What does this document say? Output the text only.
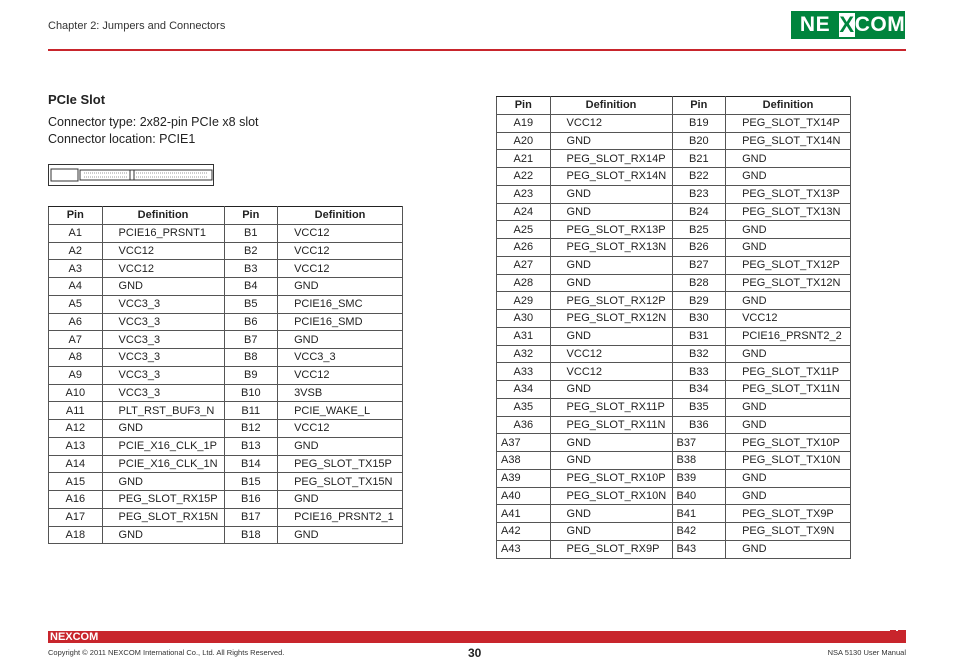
Chapter 2: Jumpers and Connectors	NE X COM
PCIe Slot
Connector type: 2x82-pin PCIe x8 slot
Connector location: PCIE1
Pin	Definition	Pin	Definition
A1	PCIE16_PRSNT1	B1	VCC12
A2	VCC12	B2	VCC12
A3	VCC12	B3	VCC12
A4	GND	B4	GND
A5	VCC3_3	B5	PCIE16_SMC
A6	VCC3_3	B6	PCIE16_SMD
A7	VCC3_3	B7	GND
A8	VCC3_3	B8	VCC3_3
A9	VCC3_3	B9	VCC12
A10	VCC3_3	B10	3VSB
A11	PLT_RST_BUF3_N	B11	PCIE_WAKE_L
A12	GND	B12	VCC12
A13	PCIE_X16_CLK_1P	B13	GND
A14	PCIE_X16_CLK_1N	B14	PEG_SLOT_TX15P
A15	GND	B15	PEG_SLOT_TX15N
A16	PEG_SLOT_RX15P	B16	GND
A17	PEG_SLOT_RX15N	B17	PCIE16_PRSNT2_1
A18	GND	B18	GND
Pin	Definition	Pin	Definition
A19	VCC12	B19	PEG_SLOT_TX14P
A20	GND	B20	PEG_SLOT_TX14N
A21	PEG_SLOT_RX14P	B21	GND
A22	PEG_SLOT_RX14N	B22	GND
A23	GND	B23	PEG_SLOT_TX13P
A24	GND	B24	PEG_SLOT_TX13N
A25	PEG_SLOT_RX13P	B25	GND
A26	PEG_SLOT_RX13N	B26	GND
A27	GND	B27	PEG_SLOT_TX12P
A28	GND	B28	PEG_SLOT_TX12N
A29	PEG_SLOT_RX12P	B29	GND
A30	PEG_SLOT_RX12N	B30	VCC12
A31	GND	B31	PCIE16_PRSNT2_2
A32	VCC12	B32	GND
A33	VCC12	B33	PEG_SLOT_TX11P
A34	GND	B34	PEG_SLOT_TX11N
A35	PEG_SLOT_RX11P	B35	GND
A36	PEG_SLOT_RX11N	B36	GND
A37	GND	B37	PEG_SLOT_TX10P
A38	GND	B38	PEG_SLOT_TX10N
A39	PEG_SLOT_RX10P	B39	GND
A40	PEG_SLOT_RX10N	B40	GND
A41	GND	B41	PEG_SLOT_TX9P
A42	GND	B42	PEG_SLOT_TX9N
A43	PEG_SLOT_RX9P	B43	GND
NEXCOM
Copyright © 2011 NEXCOM International Co., Ltd. All Rights Reserved.	30	NSA 5130 User Manual
